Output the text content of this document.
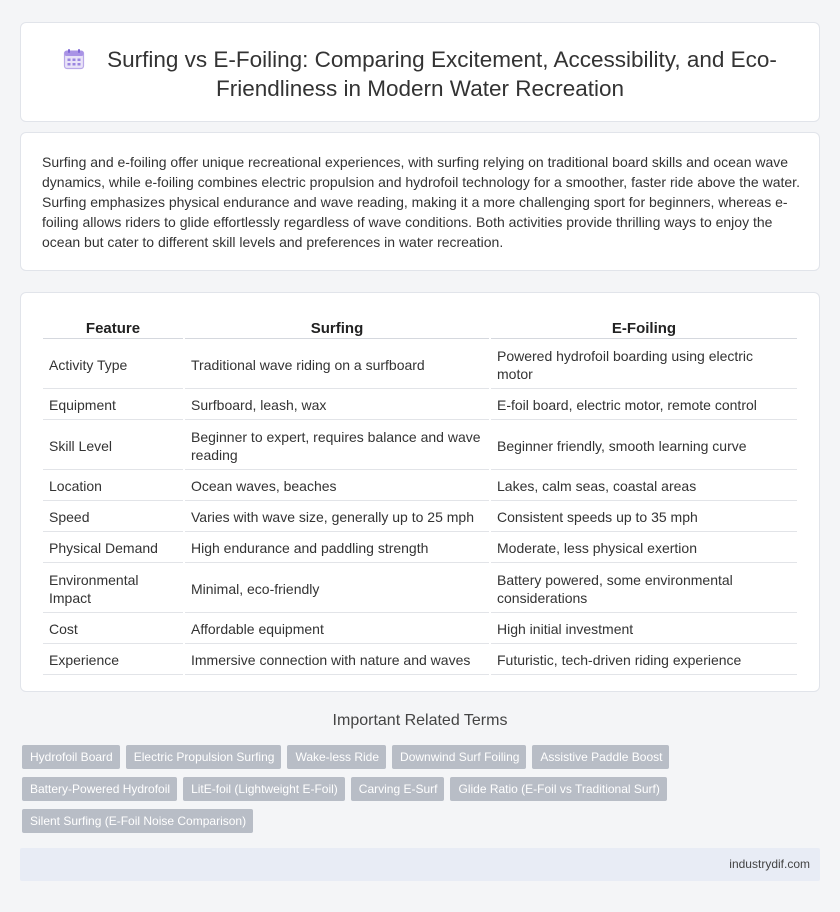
Surfing vs E-Foiling: Comparing Excitement, Accessibility, and Eco-Friendliness in Modern Water Recreation

Surfing and e-foiling offer unique recreational experiences, with surfing relying on traditional board skills and ocean wave dynamics, while e-foiling combines electric propulsion and hydrofoil technology for a smoother, faster ride above the water. Surfing emphasizes physical endurance and wave reading, making it a more challenging sport for beginners, whereas e-foiling allows riders to glide effortlessly regardless of wave conditions. Both activities provide thrilling ways to enjoy the ocean but cater to different skill levels and preferences in water recreation.

Feature	Surfing	E-Foiling
Activity Type	Traditional wave riding on a surfboard	Powered hydrofoil boarding using electric motor
Equipment	Surfboard, leash, wax	E-foil board, electric motor, remote control
Skill Level	Beginner to expert, requires balance and wave reading	Beginner friendly, smooth learning curve
Location	Ocean waves, beaches	Lakes, calm seas, coastal areas
Speed	Varies with wave size, generally up to 25 mph	Consistent speeds up to 35 mph
Physical Demand	High endurance and paddling strength	Moderate, less physical exertion
Environmental Impact	Minimal, eco-friendly	Battery powered, some environmental considerations
Cost	Affordable equipment	High initial investment
Experience	Immersive connection with nature and waves	Futuristic, tech-driven riding experience
Important Related Terms
Hydrofoil Board	Electric Propulsion Surfing	Wake-less Ride	Downwind Surf Foiling	Assistive Paddle Boost
Battery-Powered Hydrofoil	LitE-foil (Lightweight E-Foil)	Carving E-Surf	Glide Ratio (E-Foil vs Traditional Surf)
Silent Surfing (E-Foil Noise Comparison)
industrydif.com
